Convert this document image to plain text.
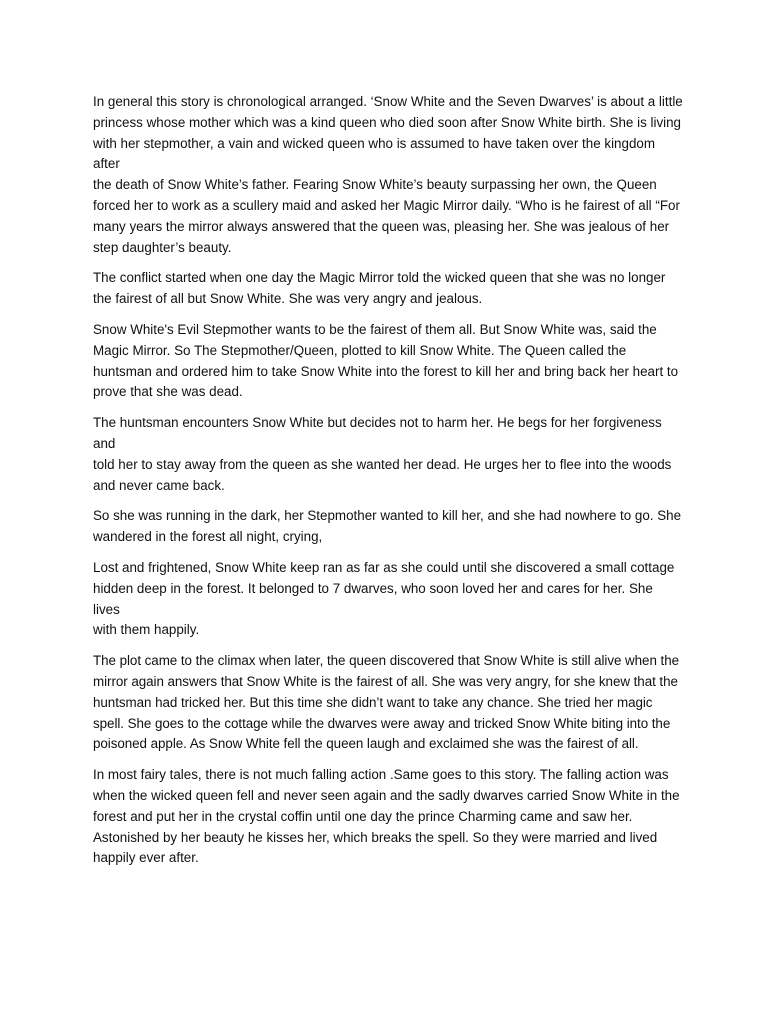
In general this story is chronological arranged. ‘Snow White and the Seven Dwarves’ is about a little
princess whose mother which was a kind queen who died soon after Snow White birth. She is living
with her stepmother, a vain and wicked queen who is assumed to have taken over the kingdom after
the death of Snow White’s father. Fearing Snow White’s beauty surpassing her own, the Queen
forced her to work as a scullery maid and asked her Magic Mirror daily. “Who is he fairest of all “For
many years the mirror always answered that the queen was, pleasing her. She was jealous of her
step daughter’s beauty.

The conflict started when one day the Magic Mirror told the wicked queen that she was no longer
the fairest of all but Snow White. She was very angry and jealous.

Snow White's Evil Stepmother wants to be the fairest of them all. But Snow White was, said the
Magic Mirror. So The Stepmother/Queen, plotted to kill Snow White. The Queen called the
huntsman and ordered him to take Snow White into the forest to kill her and bring back her heart to
prove that she was dead.

The huntsman encounters Snow White but decides not to harm her. He begs for her forgiveness and
told her to stay away from the queen as she wanted her dead. He urges her to flee into the woods
and never came back.

So she was running in the dark, her Stepmother wanted to kill her, and she had nowhere to go. She
wandered in the forest all night, crying,

Lost and frightened, Snow White keep ran as far as she could until she discovered a small cottage
hidden deep in the forest. It belonged to 7 dwarves, who soon loved her and cares for her. She lives
with them happily.

The plot came to the climax when later, the queen discovered that Snow White is still alive when the
mirror again answers that Snow White is the fairest of all. She was very angry, for she knew that the
huntsman had tricked her. But this time she didn’t want to take any chance. She tried her magic
spell. She goes to the cottage while the dwarves were away and tricked Snow White biting into the
poisoned apple. As Snow White fell the queen laugh and exclaimed she was the fairest of all.

In most fairy tales, there is not much falling action .Same goes to this story. The falling action was
when the wicked queen fell and never seen again and the sadly dwarves carried Snow White in the
forest and put her in the crystal coffin until one day the prince Charming came and saw her.
Astonished by her beauty he kisses her, which breaks the spell. So they were married and lived
happily ever after.
